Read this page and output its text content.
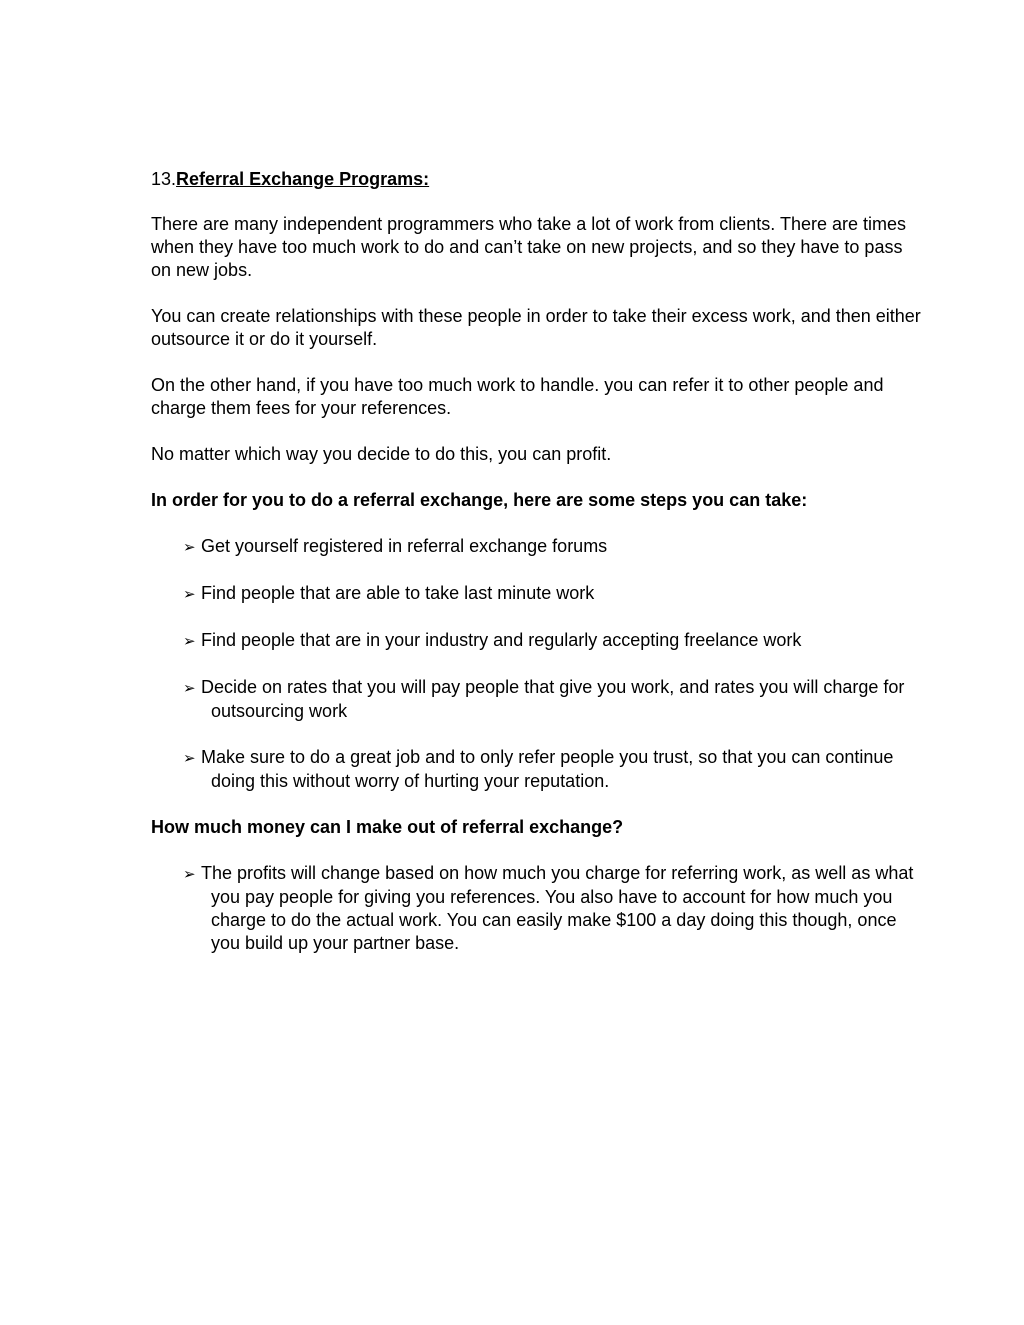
13.Referral Exchange Programs:

There are many independent programmers who take a lot of work from clients. There are times when they have too much work to do and can’t take on new projects, and so they have to pass on new jobs.

You can create relationships with these people in order to take their excess work, and then either outsource it or do it yourself.

On the other hand, if you have too much work to handle. you can refer it to other people and charge them fees for your references.

No matter which way you decide to do this, you can profit.

In order for you to do a referral exchange, here are some steps you can take:

➢ Get yourself registered in referral exchange forums
➢ Find people that are able to take last minute work
➢ Find people that are in your industry and regularly accepting freelance work
➢ Decide on rates that you will pay people that give you work, and rates you will charge for outsourcing work
➢ Make sure to do a great job and to only refer people you trust, so that you can continue doing this without worry of hurting your reputation.

How much money can I make out of referral exchange?

➢ The profits will change based on how much you charge for referring work, as well as what you pay people for giving you references. You also have to account for how much you charge to do the actual work. You can easily make $100 a day doing this though, once you build up your partner base.
